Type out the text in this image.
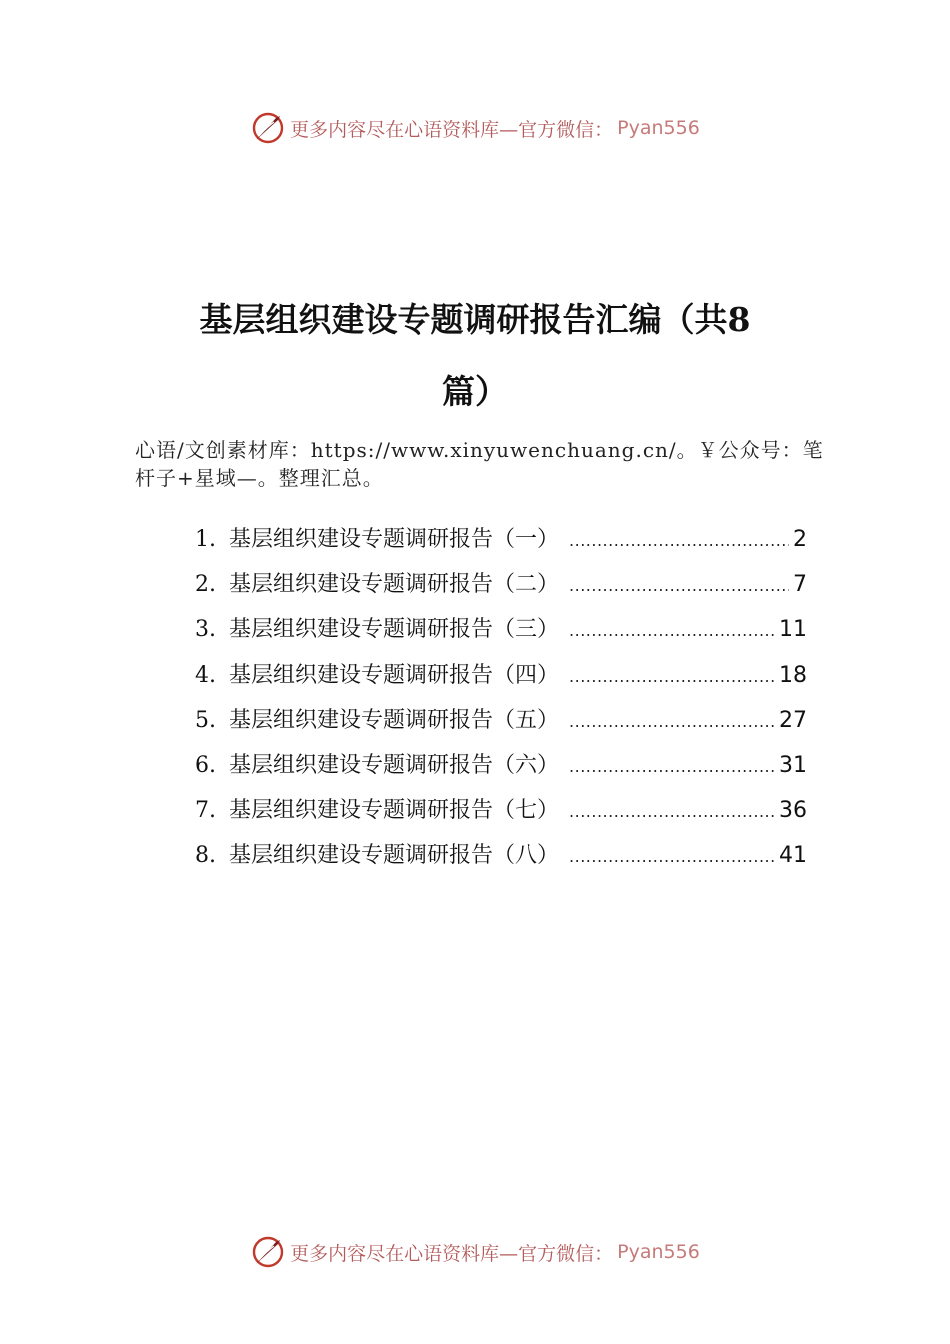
更多内容尽在心语资料库—官方微信： Pyan556
基层组织建设专题调研报告汇编（共8
篇）
心语/文创素材库：https://www.xinyuwenchuang.cn/。￥公众号：笔杆子+星域—。整理汇总。
1. 基层组织建设专题调研报告（一） .....	2
2. 基层组织建设专题调研报告（二） .....	7
3. 基层组织建设专题调研报告（三） .....	11
4. 基层组织建设专题调研报告（四） .....	18
5. 基层组织建设专题调研报告（五） .....	27
6. 基层组织建设专题调研报告（六） .....	31
7. 基层组织建设专题调研报告（七） .....	36
8. 基层组织建设专题调研报告（八） .....	41
更多内容尽在心语资料库—官方微信： Pyan556
